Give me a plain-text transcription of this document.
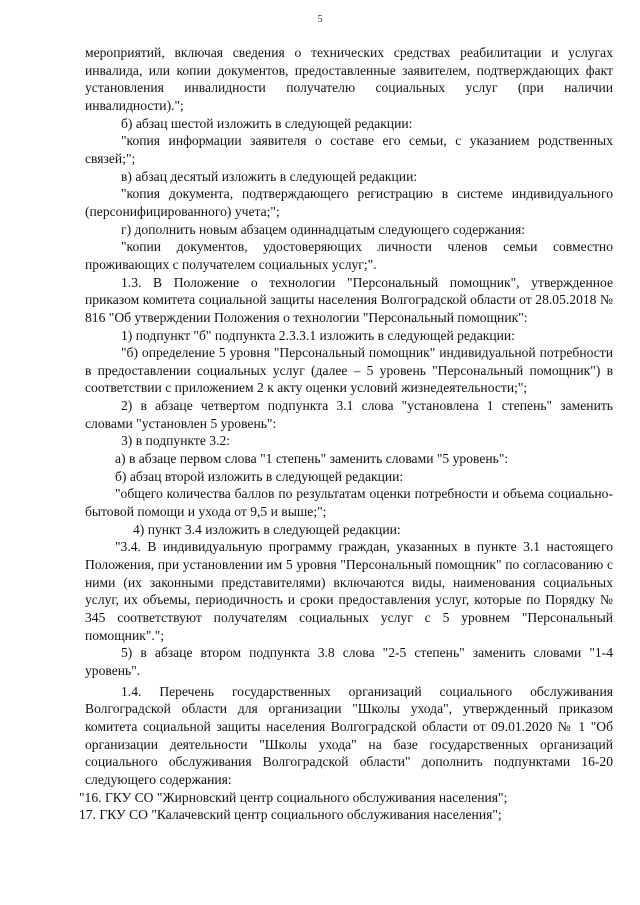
5

мероприятий, включая сведения о технических средствах реабилитации и услугах инвалида, или копии документов, предоставленные заявителем, подтверждающих факт установления инвалидности получателю социальных услуг (при наличии инвалидности).";

б) абзац шестой изложить в следующей редакции:

"копия информации заявителя о составе его семьи, с указанием родственных связей;";

в) абзац десятый изложить в следующей редакции:

"копия документа, подтверждающего регистрацию в системе индивидуального (персонифицированного) учета;";

г) дополнить новым абзацем одиннадцатым следующего содержания:

"копии документов, удостоверяющих личности членов семьи совместно проживающих с получателем социальных услуг;".

1.3. В Положение о технологии "Персональный помощник", утвержденное приказом комитета социальной защиты населения Волгоградской области от 28.05.2018 № 816 "Об утверждении Положения о технологии "Персональный помощник":

1) подпункт "б" подпункта 2.3.3.1 изложить в следующей редакции:

"б) определение 5 уровня "Персональный помощник" индивидуальной потребности в предоставлении социальных услуг (далее – 5 уровень "Персональный помощник") в соответствии с приложением 2 к акту оценки условий жизнедеятельности;";

2) в абзаце четвертом подпункта 3.1 слова "установлена 1 степень" заменить словами "установлен 5 уровень":

3) в подпункте 3.2:

а) в абзаце первом слова "1 степень" заменить словами "5 уровень":

б) абзац второй изложить в следующей редакции:

"общего количества баллов по результатам оценки потребности и объема социально-бытовой помощи и ухода от 9,5 и выше;";

4) пункт 3.4 изложить в следующей редакции:

"3.4. В индивидуальную программу граждан, указанных в пункте 3.1 настоящего Положения, при установлении им 5 уровня "Персональный помощник" по согласованию с ними (их законными представителями) включаются виды, наименования социальных услуг, их объемы, периодичность и сроки предоставления услуг, которые по Порядку № 345 соответствуют получателям социальных услуг с 5 уровнем "Персональный помощник".";

5) в абзаце втором подпункта 3.8 слова "2-5 степень" заменить словами "1-4 уровень".

1.4. Перечень государственных организаций социального обслуживания Волгоградской области для организации "Школы ухода", утвержденный приказом комитета социальной защиты населения Волгоградской области от 09.01.2020 № 1 "Об организации деятельности "Школы ухода" на базе государственных организаций социального обслуживания Волгоградской области" дополнить подпунктами 16-20 следующего содержания:

"16. ГКУ СО "Жирновский центр социального обслуживания населения";

17. ГКУ СО "Калачевский центр социального обслуживания населения";
